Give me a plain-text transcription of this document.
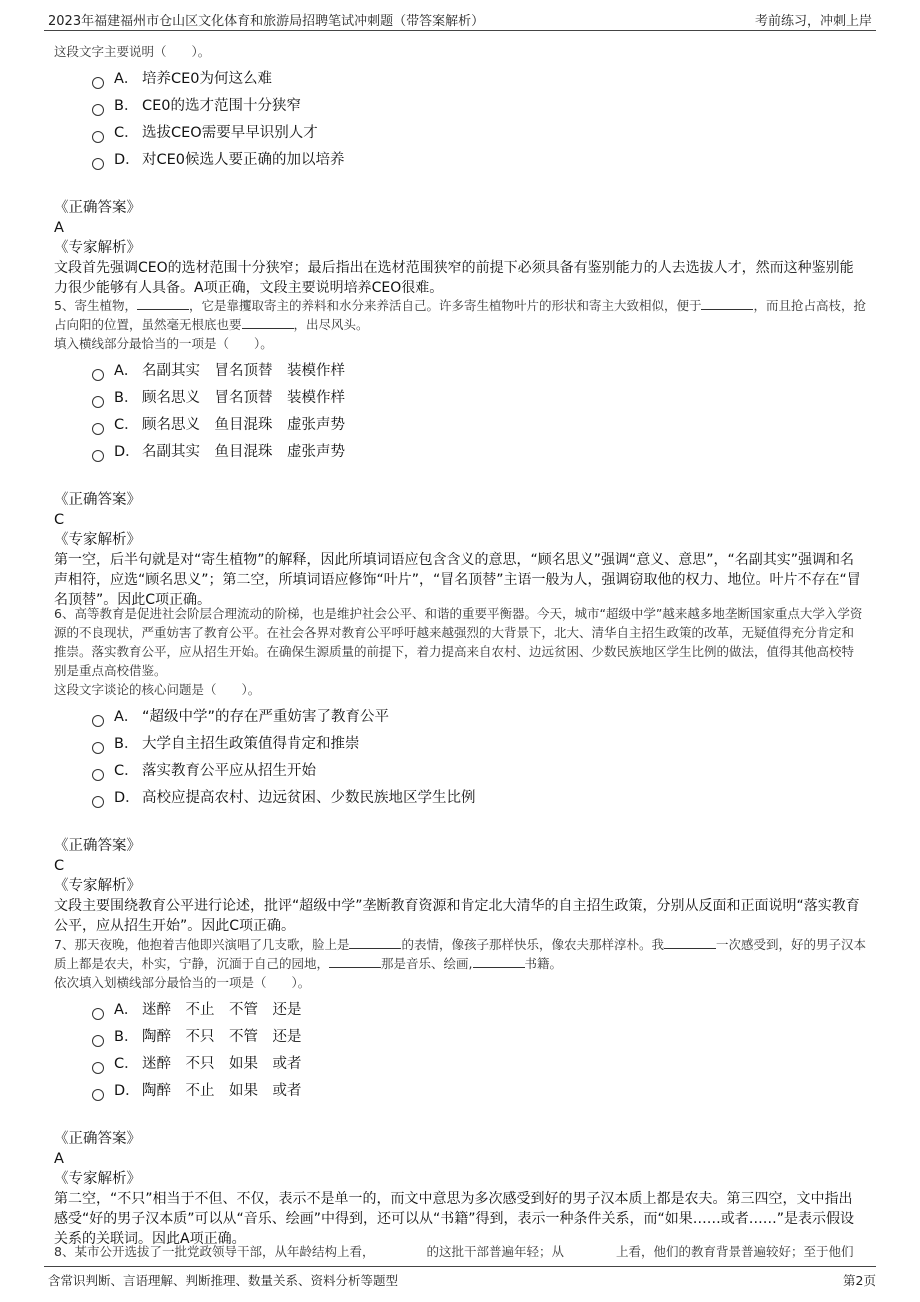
2023年福建福州市仓山区文化体育和旅游局招聘笔试冲刺题（带答案解析）	考前练习，冲刺上岸

这段文字主要说明（　　）。

A． 培养CE0为何这么难
B． CE0的选才范围十分狭窄
C． 选拔CEO需要早早识别人才
D． 对CE0候选人要正确的加以培养

《正确答案》

A

《专家解析》

文段首先强调CEO的选材范围十分狭窄；最后指出在选材范围狭窄的前提下必须具备有鉴别能力的人去选拔人才，然而这种鉴别能力很少能够有人具备。A项正确，文段主要说明培养CEO很难。

5、寄生植物，	，它是靠攫取寄主的养料和水分来养活自己。许多寄生植物叶片的形状和寄主大致相似，便于	，而且抢占高枝，抢占向阳的位置，虽然毫无根底也要	，出尽风头。

填入横线部分最恰当的一项是（　　）。

A． 名副其实　冒名顶替　装模作样
B． 顾名思义　冒名顶替　装模作样
C． 顾名思义　鱼目混珠　虚张声势
D． 名副其实　鱼目混珠　虚张声势

《正确答案》

C

《专家解析》

第一空，后半句就是对“寄生植物”的解释，因此所填词语应包含含义的意思，“顾名思义”强调“意义、意思”，“名副其实”强调和名声相符，应选“顾名思义”；第二空，所填词语应修饰“叶片”，“冒名顶替”主语一般为人，强调窃取他的权力、地位。叶片不存在“冒名顶替”。因此C项正确。

6、高等教育是促进社会阶层合理流动的阶梯，也是维护社会公平、和谐的重要平衡器。今天，城市“超级中学”越来越多地垄断国家重点大学入学资源的不良现状，严重妨害了教育公平。在社会各界对教育公平呼吁越来越强烈的大背景下，北大、清华自主招生政策的改革，无疑值得充分肯定和推崇。落实教育公平，应从招生开始。在确保生源质量的前提下，着力提高来自农村、边远贫困、少数民族地区学生比例的做法，值得其他高校特别是重点高校借鉴。

这段文字谈论的核心问题是（　　）。

A． “超级中学”的存在严重妨害了教育公平
B． 大学自主招生政策值得肯定和推崇
C． 落实教育公平应从招生开始
D． 高校应提高农村、边远贫困、少数民族地区学生比例

《正确答案》

C

《专家解析》

文段主要围绕教育公平进行论述，批评“超级中学”垄断教育资源和肯定北大清华的自主招生政策，分别从反面和正面说明“落实教育公平，应从招生开始”。因此C项正确。

7、那天夜晚，他抱着吉他即兴演唱了几支歌，脸上是	的表情，像孩子那样快乐，像农夫那样淳朴。我	一次感受到，好的男子汉本质上都是农夫，朴实，宁静，沉湎于自己的园地，	那是音乐、绘画,	书籍。

依次填入划横线部分最恰当的一项是（　　）。

A． 迷醉　不止　不管　还是
B． 陶醉　不只　不管　还是
C． 迷醉　不只　如果　或者
D． 陶醉　不止　如果　或者

《正确答案》

A

《专家解析》

第二空，“不只”相当于不但、不仅，表示不是单一的，而文中意思为多次感受到好的男子汉本质上都是农夫。第三四空，文中指出感受“好的男子汉本质”可以从“音乐、绘画”中得到，还可以从“书籍”得到，表示一种条件关系，而“如果……或者……”是表示假设关系的关联词。因此A项正确。

8、某市公开选拔了一批党政领导干部，从年龄结构上看，	的这批干部普遍年轻；从	上看，他们的教育背景普遍较好；至于他们

含常识判断、言语理解、判断推理、数量关系、资料分析等题型	第2页
